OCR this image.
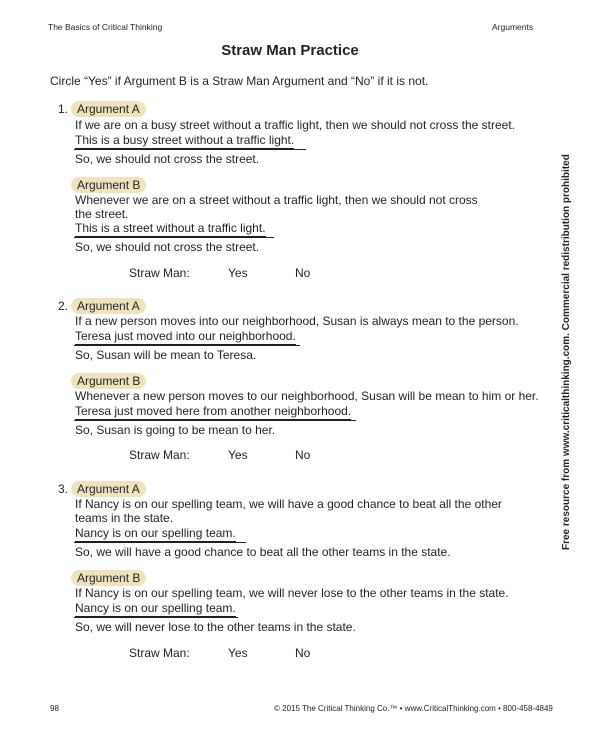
The Basics of Critical Thinking	Arguments
Straw Man Practice
Circle “Yes” if Argument B is a Straw Man Argument and “No” if it is not.
1. Argument A
If we are on a busy street without a traffic light, then we should not cross the street.
This is a busy street without a traffic light.
So, we should not cross the street.
Argument B
Whenever we are on a street without a traffic light, then we should not cross
the street.
This is a street without a traffic light.
So, we should not cross the street.
Straw Man:	Yes	No
2. Argument A
If a new person moves into our neighborhood, Susan is always mean to the person.
Teresa just moved into our neighborhood.
So, Susan will be mean to Teresa.
Argument B
Whenever a new person moves to our neighborhood, Susan will be mean to him or her.
Teresa just moved here from another neighborhood.
So, Susan is going to be mean to her.
Straw Man:	Yes	No
3. Argument A
If Nancy is on our spelling team, we will have a good chance to beat all the other
teams in the state.
Nancy is on our spelling team.
So, we will have a good chance to beat all the other teams in the state.
Argument B
If Nancy is on our spelling team, we will never lose to the other teams in the state.
Nancy is on our spelling team.
So, we will never lose to the other teams in the state.
Straw Man:	Yes	No
Free resource from www.criticalthinking.com. Commercial redistribution prohibited
98	© 2015 The Critical Thinking Co.™ • www.CriticalThinking.com • 800-458-4849
